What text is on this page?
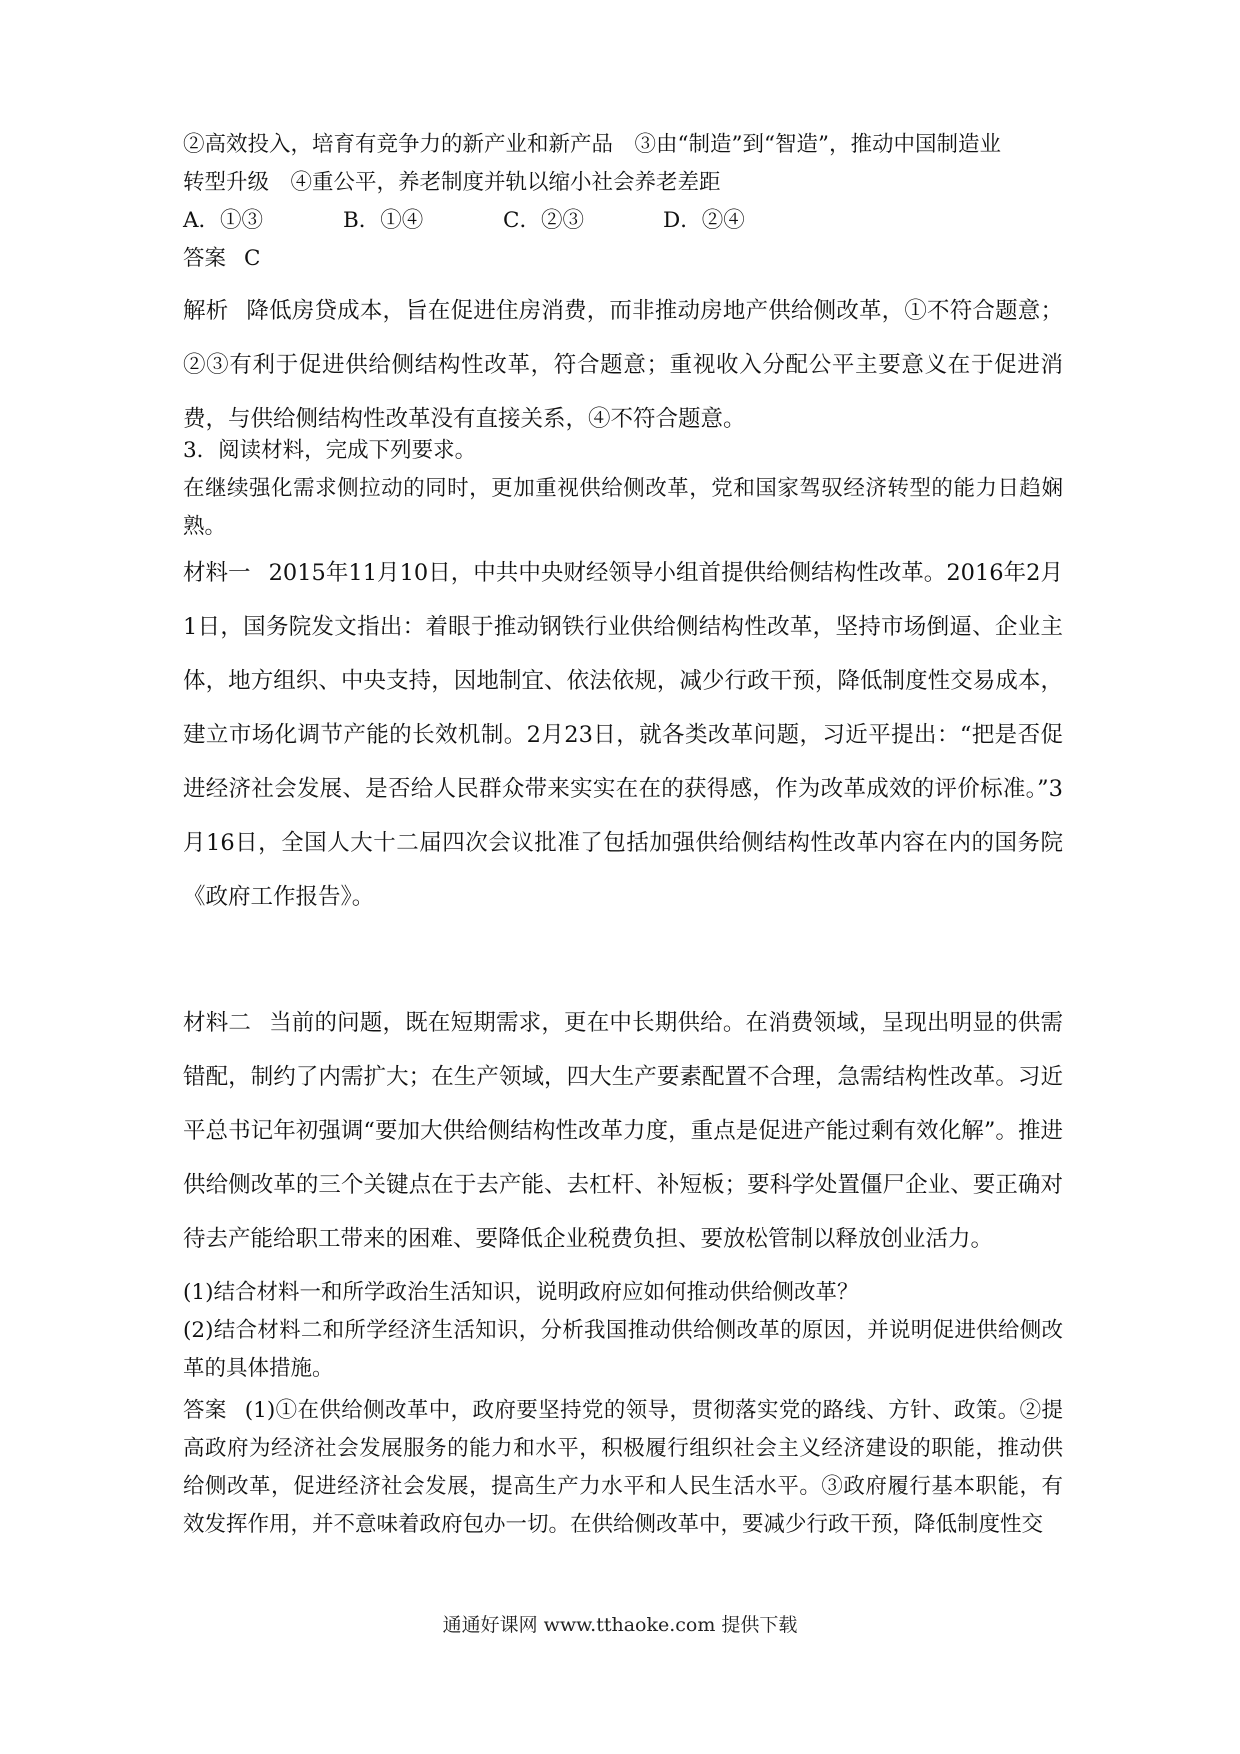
②高效投入，培育有竞争力的新产业和新产品　③由“制造”到“智造”，推动中国制造业

转型升级　④重公平，养老制度并轨以缩小社会养老差距

A．①③	B．①④	C．②③	D．②④

答案 C

解析 降低房贷成本，旨在促进住房消费，而非推动房地产供给侧改革，①不符合题意；②③有利于促进供给侧结构性改革，符合题意；重视收入分配公平主要意义在于促进消费，与供给侧结构性改革没有直接关系，④不符合题意。

3．阅读材料，完成下列要求。

在继续强化需求侧拉动的同时，更加重视供给侧改革，党和国家驾驭经济转型的能力日趋娴熟。

材料一 2015年11月10日，中共中央财经领导小组首提供给侧结构性改革。2016年2月1日，国务院发文指出：着眼于推动钢铁行业供给侧结构性改革，坚持市场倒逼、企业主体，地方组织、中央支持，因地制宜、依法依规，减少行政干预，降低制度性交易成本，建立市场化调节产能的长效机制。2月23日，就各类改革问题，习近平提出：“把是否促进经济社会发展、是否给人民群众带来实实在在的获得感，作为改革成效的评价标准。”3月16日，全国人大十二届四次会议批准了包括加强供给侧结构性改革内容在内的国务院《政府工作报告》。

材料二 当前的问题，既在短期需求，更在中长期供给。在消费领域，呈现出明显的供需错配，制约了内需扩大；在生产领域，四大生产要素配置不合理，急需结构性改革。习近平总书记年初强调“要加大供给侧结构性改革力度，重点是促进产能过剩有效化解”。推进供给侧改革的三个关键点在于去产能、去杠杆、补短板；要科学处置僵尸企业、要正确对待去产能给职工带来的困难、要降低企业税费负担、要放松管制以释放创业活力。

(1)结合材料一和所学政治生活知识，说明政府应如何推动供给侧改革？

(2)结合材料二和所学经济生活知识，分析我国推动供给侧改革的原因，并说明促进供给侧改革的具体措施。

答案 (1)①在供给侧改革中，政府要坚持党的领导，贯彻落实党的路线、方针、政策。②提高政府为经济社会发展服务的能力和水平，积极履行组织社会主义经济建设的职能，推动供给侧改革，促进经济社会发展，提高生产力水平和人民生活水平。③政府履行基本职能，有效发挥作用，并不意味着政府包办一切。在供给侧改革中，要减少行政干预，降低制度性交

通通好课网 www.tthaoke.com 提供下载
